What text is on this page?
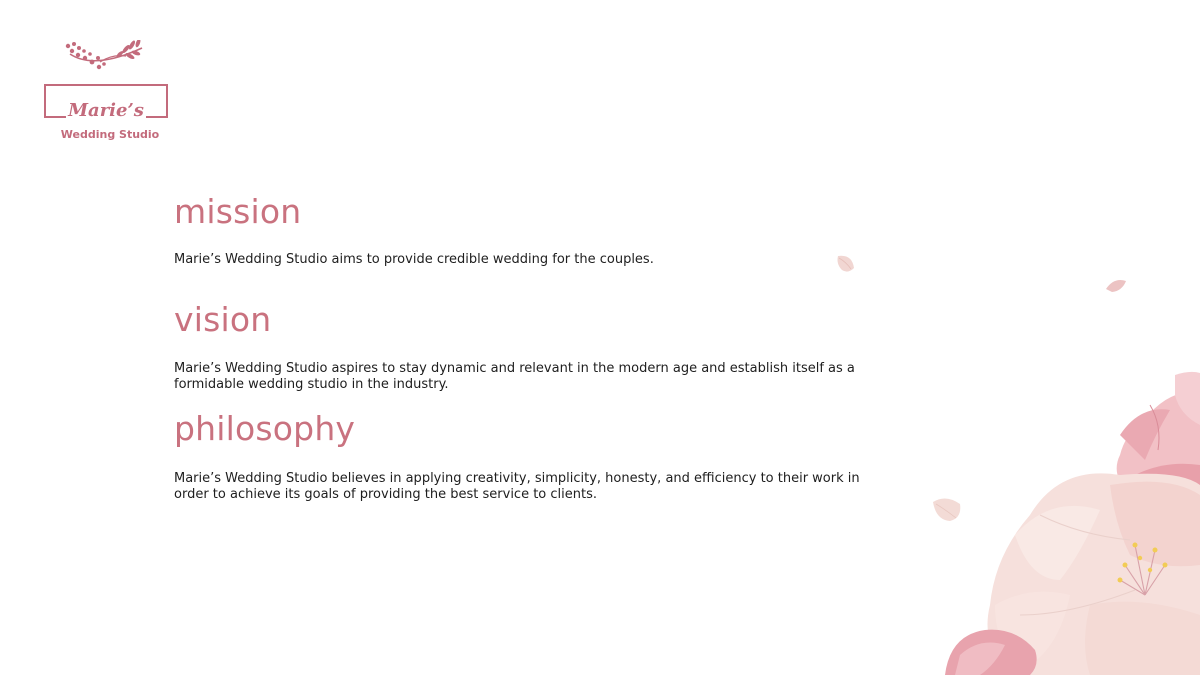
Marie’s
Wedding Studio
mission

Marie’s Wedding Studio aims to provide credible wedding for the couples.

vision

Marie’s Wedding Studio aspires to stay dynamic and relevant in the modern age and establish itself as a formidable wedding studio in the industry.

philosophy

Marie’s Wedding Studio believes in applying creativity, simplicity, honesty, and efficiency to their work in order to achieve its goals of providing the best service to clients.
